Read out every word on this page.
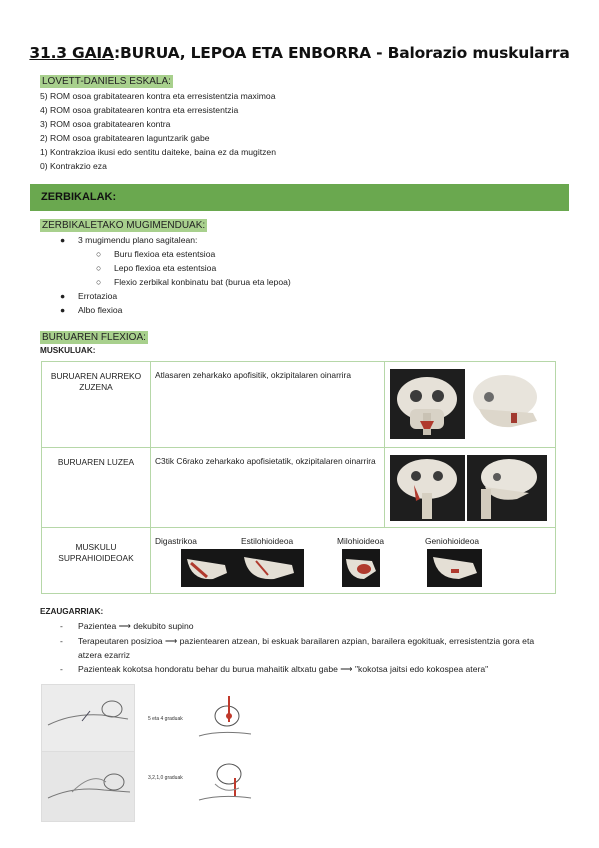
31.3 GAIA:BURUA, LEPOA ETA ENBORRA - Balorazio muskularra
LOVETT-DANIELS ESKALA:
5) ROM osoa grabitatearen kontra eta erresistentzia maximoa
4) ROM osoa grabitatearen kontra eta erresistentzia
3) ROM osoa grabitatearen kontra
2) ROM osoa grabitatearen laguntzarik gabe
1) Kontrakzioa ikusi edo sentitu daiteke, baina ez da mugitzen
0) Kontrakzio eza
ZERBIKALAK:
ZERBIKALETAKO MUGIMENDUAK:
● 3 mugimendu plano sagitalean:
○ Buru flexioa eta estentsioa
○ Lepo flexioa eta estentsioa
○ Flexio zerbikal konbinatu bat (burua eta lepoa)
● Errotazioa
● Albo flexioa
BURUAREN FLEXIOA:
MUSKULUAK:
BURUAREN AURREKO ZUZENA	Atlasaren zeharkako apofisitik, okzipitalaren oinarrira	

BURUAREN LUZEA	C3tik C6rako zeharkako apofisietatik, okzipitalaren oinarrira	

MUSKULU SUPRAHIOIDEOAK		

Digastrikoa	Estilohioideoa	Milohioideoa	Geniohioideoa
EZAUGARRIAK:
- Pazientea ⟶ dekubito supino
- Terapeutaren posizioa ⟶ pazientearen atzean, bi eskuak barailaren azpian, barailera egokituak, erresistentzia gora eta
atzera ezarriz
- Pazienteak kokotsa hondoratu behar du burua mahaitik altxatu gabe ⟶ "kokotsa jaitsi edo kokospea atera"
5 eta 4 graduak
3,2,1,0 graduak
